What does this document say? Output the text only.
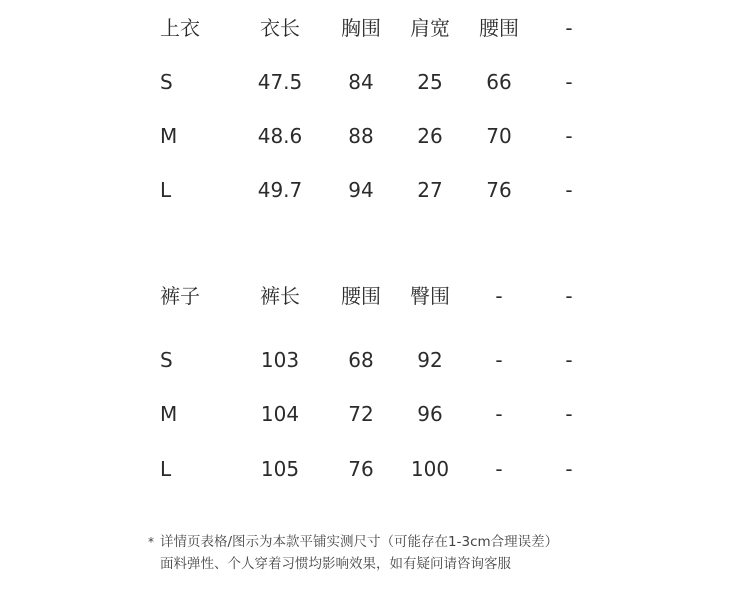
上衣	衣长 胸围 肩宽 腰围 -
S	47.5 84 25 66	-
M	48.6 88 26 70	-
L	49.7 94 27 76	-
裤子	裤长 腰围 臀围 -	-
S	103 68 92	-	-
M	104 72 96	-	-
L	105 76 100 -	-
* 详情页表格/图示为本款平铺实测尺寸（可能存在1-3cm合理误差）
面料弹性、个人穿着习惯均影响效果，如有疑问请咨询客服
